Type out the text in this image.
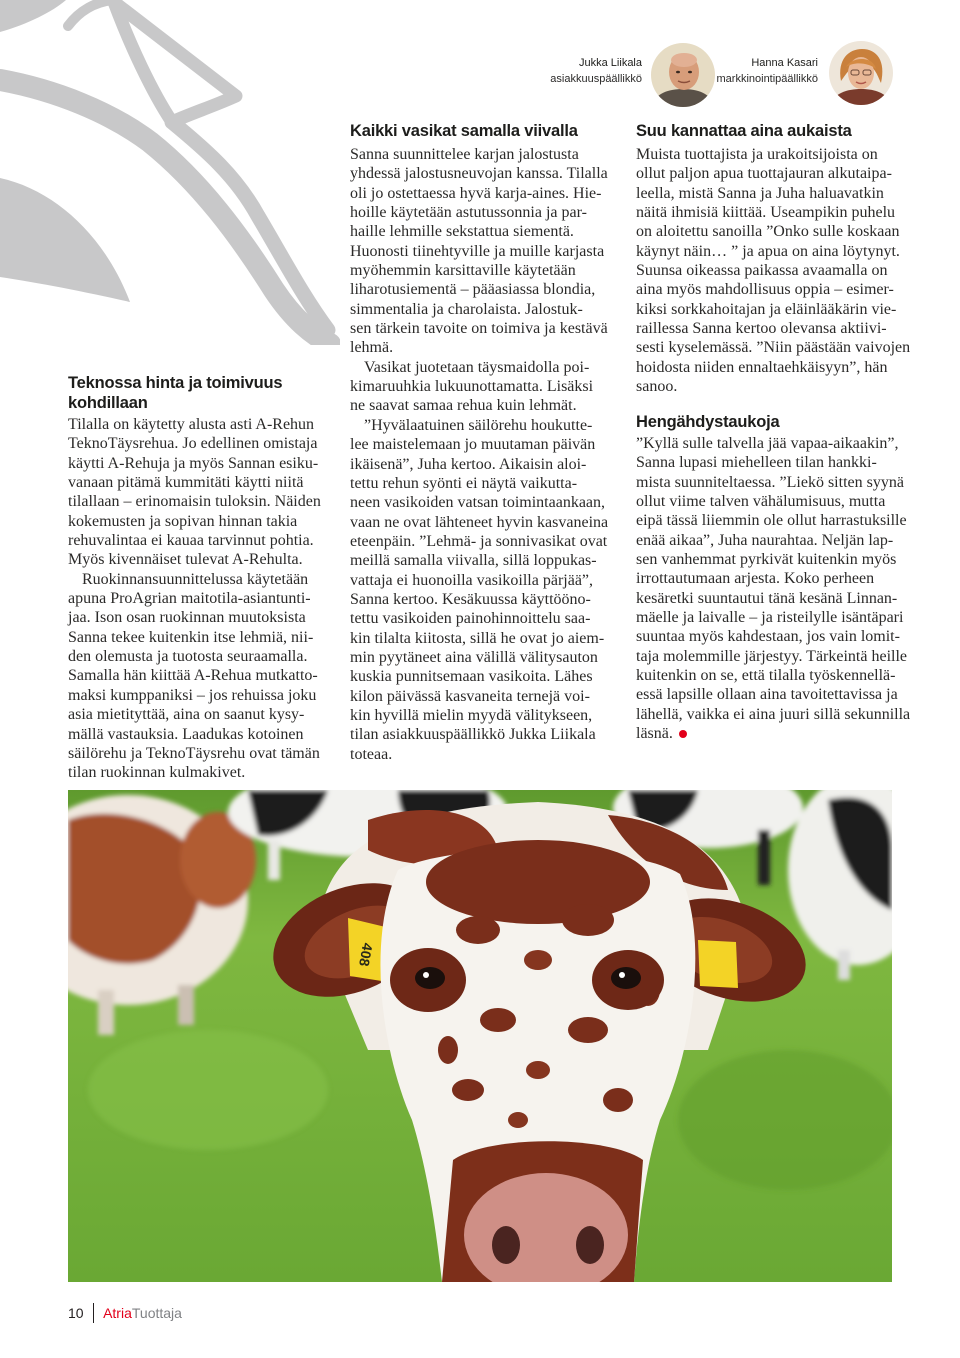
Jukka Liikala
asiakkuuspäällikkö
Hanna Kasari
markkinointipäällikkö
Teknossa hinta ja toimivuus
kohdillaan
Tilalla on käytetty alusta asti A-Rehun
TeknoTäysrehua. Jo edellinen omistaja
käytti A-Rehuja ja myös Sannan esiku-
vanaan pitämä kummitäti käytti niitä
tilallaan – erinomaisin tuloksin. Näiden
kokemusten ja sopivan hinnan takia
rehuvalintaa ei kauaa tarvinnut pohtia.
Myös kivennäiset tulevat A-Rehulta.
Ruokinnansuunnittelussa käytetään
apuna ProAgrian maitotila-asiantunti-
jaa. Ison osan ruokinnan muutoksista
Sanna tekee kuitenkin itse lehmiä, nii-
den olemusta ja tuotosta seuraamalla.
Samalla hän kiittää A-Rehua mutkatto-
maksi kumppaniksi – jos rehuissa joku
asia mietityttää, aina on saanut kysy-
mällä vastauksia. Laadukas kotoinen
säilörehu ja TeknoTäysrehu ovat tämän
tilan ruokinnan kulmakivet.
Kaikki vasikat samalla viivalla
Sanna suunnittelee karjan jalostusta
yhdessä jalostusneuvojan kanssa. Tilalla
oli jo ostettaessa hyvä karja-aines. Hie-
hoille käytetään astutussonnia ja par-
haille lehmille sekstattua siementä.
Huonosti tiinehtyville ja muille karjasta
myöhemmin karsittaville käytetään
liharotusiementä – pääasiassa blondia,
simmentalia ja charolaista. Jalostuk-
sen tärkein tavoite on toimiva ja kestävä
lehmä.
Vasikat juotetaan täysmaidolla poi-
kimaruuhkia lukuunottamatta. Lisäksi
ne saavat samaa rehua kuin lehmät.
”Hyvälaatuinen säilörehu houkutte-
lee maistelemaan jo muutaman päivän
ikäisenä”, Juha kertoo. Aikaisin aloi-
tettu rehun syönti ei näytä vaikutta-
neen vasikoiden vatsan toimintaankaan,
vaan ne ovat lähteneet hyvin kasvaneina
eteenpäin. ”Lehmä- ja sonnivasikat ovat
meillä samalla viivalla, sillä loppukas-
vattaja ei huonoilla vasikoilla pärjää”,
Sanna kertoo. Kesäkuussa käyttöönо-
tettu vasikoiden painohinnoittelu saa-
kin tilalta kiitosta, sillä he ovat jo aiem-
min pyytäneet aina välillä välitysauton
kuskia punnitsemaan vasikoita. Lähes
kilon päivässä kasvaneita ternejä voi-
kin hyvillä mielin myydä välitykseen,
tilan asiakkuuspäällikkö Jukka Liikala
toteaa.
Suu kannattaa aina aukaista
Muista tuottajista ja urakoitsijoista on
ollut paljon apua tuottajauran alkutaipa-
leella, mistä Sanna ja Juha haluavatkin
näitä ihmisiä kiittää. Useampikin puhelu
on aloitettu sanoilla ”Onko sulle koskaan
käynyt näin… ” ja apua on aina löytynyt.
Suunsa oikeassa paikassa avaamalla on
aina myös mahdollisuus oppia – esimer-
kiksi sorkkahoitajan ja eläinlääkärin vie-
raillessa Sanna kertoo olevansa aktiivi-
sesti kyselemässä. ”Niin päästään vaivojen
hoidosta niiden ennaltaehkäisyyn”, hän
sanoo.
Hengähdystaukoja
”Kyllä sulle talvella jää vapaa-aikaakin”,
Sanna lupasi miehelleen tilan hankki-
mista suunniteltaessa. ”Liekö sitten syynä
ollut viime talven vähälumisuus, mutta
eipä tässä liiemmin ole ollut harrastuksille
enää aikaa”, Juha naurahtaa. Neljän lap-
sen vanhemmat pyrkivät kuitenkin myös
irrottautumaan arjesta. Koko perheen
kesäretki suuntautui tänä kesänä Linnan-
mäelle ja laivalle – ja risteilylle isäntäpari
suuntaa myös kahdestaan, jos vain lomit-
taja molemmille järjestyy. Tärkeintä heille
kuitenkin on se, että tilalla työskennellä-
essä lapsille ollaan aina tavoitettavissa ja
lähellä, vaikka ei aina juuri sillä sekunnilla
läsnä.
408
10 AtriaTuottaja
